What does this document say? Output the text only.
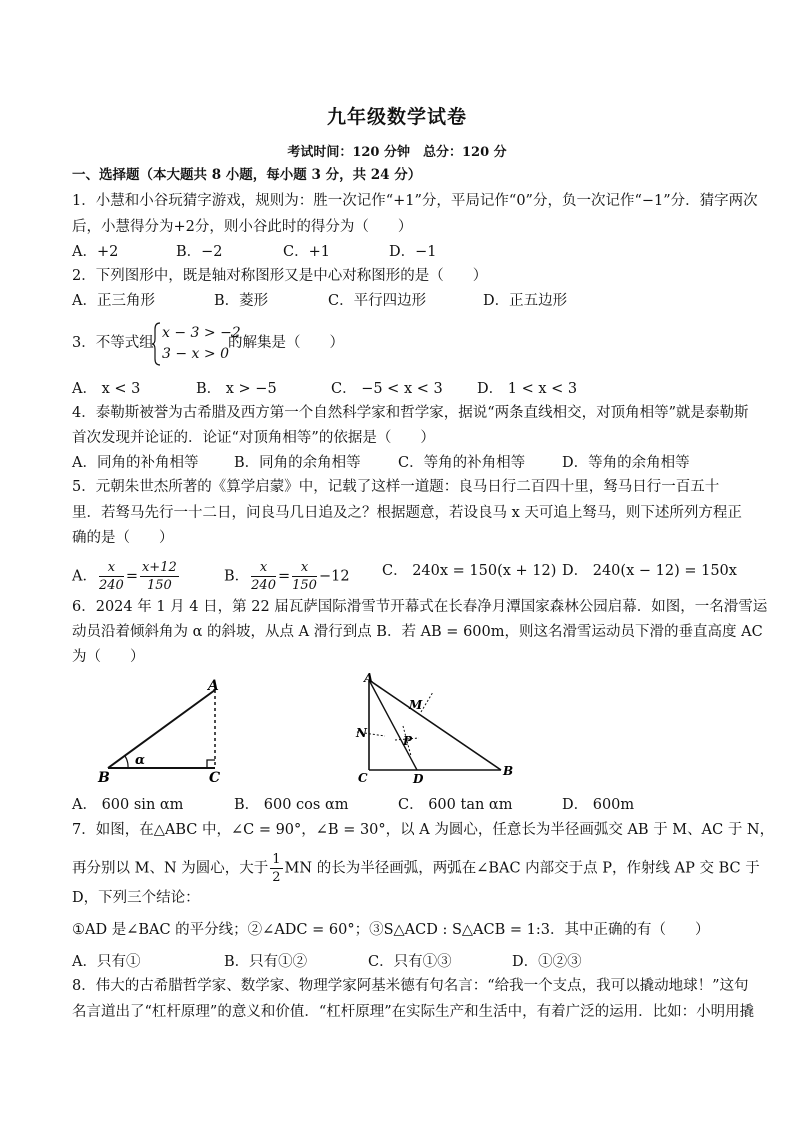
九年级数学试卷
考试时间：120 分钟　总分：120 分
一、选择题（本大题共 8 小题，每小题 3 分，共 24 分）
1．小慧和小谷玩猜字游戏，规则为：胜一次记作“+1”分，平局记作“0”分，负一次记作“−1”分．猜字两次
后，小慧得分为+2分，则小谷此时的得分为（　　）
A．+2	B．−2	C．+1	D．−1
2．下列图形中，既是轴对称图形又是中心对称图形的是（　　）
A．正三角形	B．菱形	C．平行四边形	D．正五边形
3．不等式组
x − 3 > −2
3 − x > 0
的解集是（　　）
A． x < 3	B． x > −5	C． −5 < x < 3 D． 1 < x < 3
4．泰勒斯被誉为古希腊及西方第一个自然科学家和哲学家，据说“两条直线相交，对顶角相等”就是泰勒斯
首次发现并论证的．论证“对顶角相等”的依据是（　　）
A．同角的补角相等 B．同角的余角相等	C．等角的补角相等	D．等角的余角相等
5．元朝朱世杰所著的《算学启蒙》中，记载了这样一道题：良马日行二百四十里，驽马日行一百五十
里．若驽马先行一十二日，问良马几日追及之？根据题意，若设良马 x 天可追上驽马，则下述所列方程正
确的是（　　）
A． $\frac{x}{240} = \frac{x+12}{150}$	B． $\frac{x}{240} = \frac{x}{150} -12$ C． 240x = 150(x + 12) D． 240(x − 12) = 150x
6．2024 年 1 月 4 日，第 22 届瓦萨国际滑雪节开幕式在长春净月潭国家森林公园启幕．如图，一名滑雪运
动员沿着倾斜角为 α 的斜坡，从点 A 滑行到点 B．若 AB = 600m，则这名滑雪运动员下滑的垂直高度 AC
为（　　）
A
B	C
α
A
C	D
B
N
M
P
A． 600 sin αm	B． 600 cos αm	C． 600 tan αm	D． 600m
7．如图，在△ABC 中，∠C = 90°，∠B = 30°，以 A 为圆心，任意长为半径画弧交 AB 于 M、AC 于 N，
再分别以 M、N 为圆心，大于 $\frac{1}{2}$ MN 的长为半径画弧，两弧在∠BAC 内部交于点 P，作射线 AP 交 BC 于
D，下列三个结论：
①AD 是∠BAC 的平分线；②∠ADC = 60°；③S△ACD : S△ACB = 1:3．其中正确的有（　　）
A．只有①	B．只有①②	C．只有①③	D．①②③
8．伟大的古希腊哲学家、数学家、物理学家阿基米德有句名言：“给我一个支点，我可以撬动地球！”这句
名言道出了“杠杆原理”的意义和价值．“杠杆原理”在实际生产和生活中，有着广泛的运用．比如：小明用撬
